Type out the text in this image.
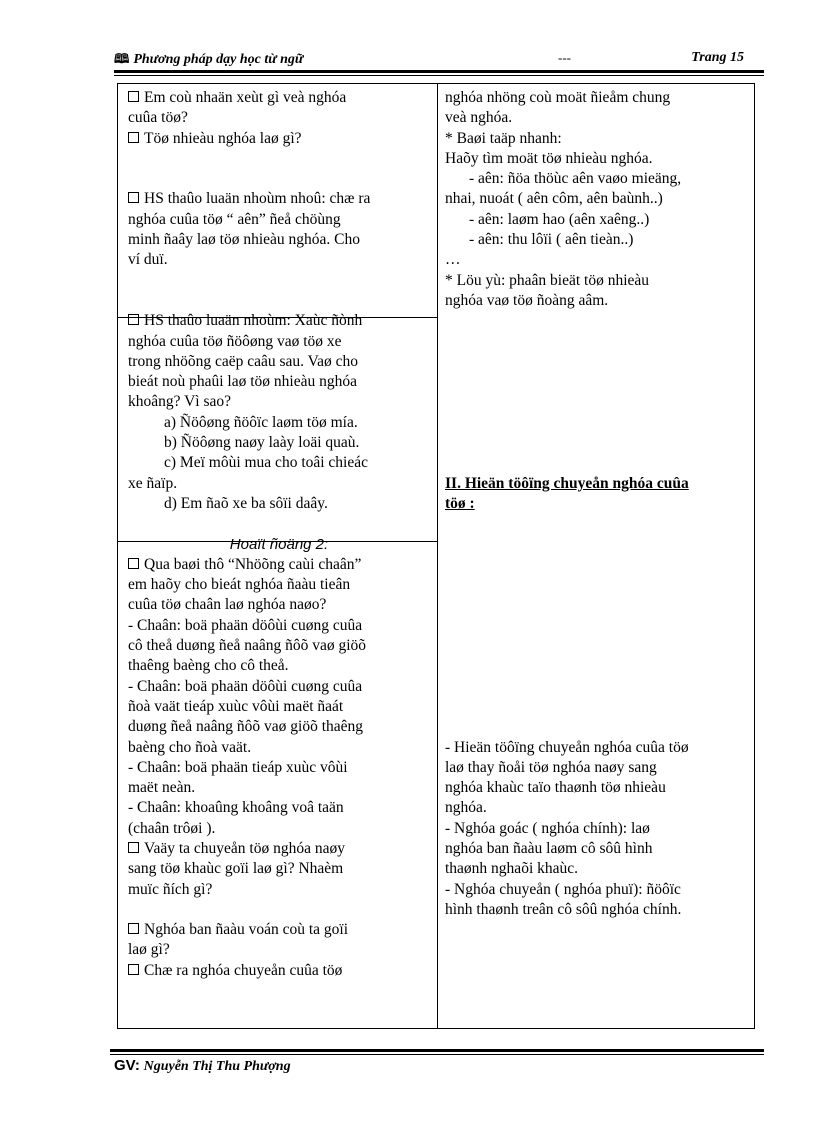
🕮 Phương pháp dạy học từ ngữ	---	Trang 15
Em coù nhaän xeùt gì veà nghóa
cuûa töø?
Töø nhieàu nghóa laø gì?
HS thaûo luaän nhoùm nhoû: chæ ra
nghóa cuûa töø “ aên” ñeå chöùng
minh ñaây laø töø nhieàu nghóa. Cho
ví duï.
HS thaûo luaän nhoùm: Xaùc ñònh
nghóa cuûa töø ñöôøng vaø töø xe
trong nhöõng caëp caâu sau. Vaø cho
bieát noù phaûi laø töø nhieàu nghóa
khoâng? Vì sao?
a) Ñöôøng ñöôïc laøm töø mía.
b) Ñöôøng naøy laày loäi quaù.
c) Meï môùi mua cho toâi chieác
xe ñaïp.
d) Em ñaõ xe ba sôïi daây.
Hoaït ñoäng 2:
Qua baøi thô “Nhöõng caùi chaân”
em haõy cho bieát nghóa ñaàu tieân
cuûa töø chaân laø nghóa naøo?
- Chaân: boä phaän döôùi cuøng cuûa
cô theå duøng ñeå naâng ñôõ vaø giöõ
thaêng baèng cho cô theå.
- Chaân: boä phaän döôùi cuøng cuûa
ñoà vaät tieáp xuùc vôùi maët ñaát
duøng ñeå naâng ñôõ vaø giöõ thaêng
baèng cho ñoà vaät.
- Chaân: boä phaän tieáp xuùc vôùi
maët neàn.
- Chaân: khoaûng khoâng voâ taän
(chaân trôøi ).
Vaäy ta chuyeån töø nghóa naøy
sang töø khaùc goïi laø gì? Nhaèm
muïc ñích gì?
Nghóa ban ñaàu voán coù ta goïi
laø gì?
Chæ ra nghóa chuyeån cuûa töø
nghóa nhöng coù moät ñieåm chung
veà nghóa.
* Baøi taäp nhanh:
Haõy tìm moät töø nhieàu nghóa.
- aên: ñöa thöùc aên vaøo mieäng,
nhai, nuoát ( aên côm, aên baùnh..)
- aên: laøm hao (aên xaêng..)
- aên: thu lôïi ( aên tieàn..)
…
* Löu yù: phaân bieät töø nhieàu
nghóa vaø töø ñoàng aâm.
II. Hieän töôïng chuyeån nghóa cuûa
töø :
- Hieän töôïng chuyeån nghóa cuûa töø
laø thay ñoåi töø nghóa naøy sang
nghóa khaùc taïo thaønh töø nhieàu
nghóa.
- Nghóa goác ( nghóa chính): laø
nghóa ban ñaàu laøm cô sôû hình
thaønh nghaõi khaùc.
- Nghóa chuyeån ( nghóa phuï): ñöôïc
hình thaønh treân cô sôû nghóa chính.
GV: Nguyễn Thị Thu Phượng
